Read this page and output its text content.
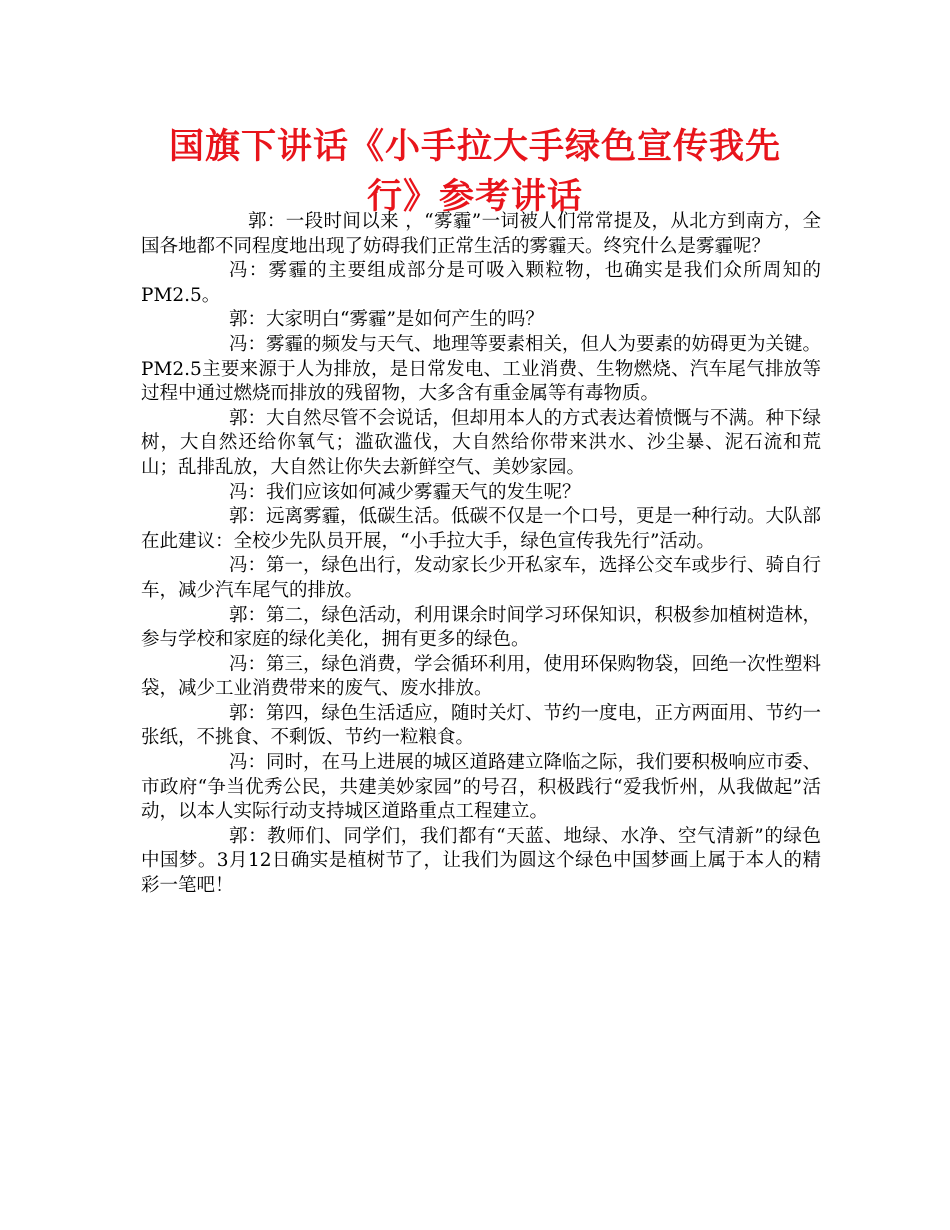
国旗下讲话《小手拉大手绿色宣传我先行》参考讲话

郭：一段时间以来 ，“雾霾”一词被人们常常提及，从北方到南方，全国各地都不同程度地出现了妨碍我们正常生活的雾霾天。终究什么是雾霾呢？

冯：雾霾的主要组成部分是可吸入颗粒物，也确实是我们众所周知的PM2.5。

郭：大家明白“雾霾”是如何产生的吗？

冯：雾霾的频发与天气、地理等要素相关，但人为要素的妨碍更为关键。PM2.5主要来源于人为排放，是日常发电、工业消费、生物燃烧、汽车尾气排放等过程中通过燃烧而排放的残留物，大多含有重金属等有毒物质。

郭：大自然尽管不会说话，但却用本人的方式表达着愤慨与不满。种下绿树，大自然还给你氧气；滥砍滥伐，大自然给你带来洪水、沙尘暴、泥石流和荒山；乱排乱放，大自然让你失去新鲜空气、美妙家园。

冯：我们应该如何减少雾霾天气的发生呢？

郭：远离雾霾，低碳生活。低碳不仅是一个口号，更是一种行动。大队部在此建议：全校少先队员开展，“小手拉大手，绿色宣传我先行”活动。

冯：第一，绿色出行，发动家长少开私家车，选择公交车或步行、骑自行车，减少汽车尾气的排放。

郭：第二，绿色活动，利用课余时间学习环保知识，积极参加植树造林，参与学校和家庭的绿化美化，拥有更多的绿色。

冯：第三，绿色消费，学会循环利用，使用环保购物袋，回绝一次性塑料袋，减少工业消费带来的废气、废水排放。

郭：第四，绿色生活适应，随时关灯、节约一度电，正方两面用、节约一张纸，不挑食、不剩饭、节约一粒粮食。

冯：同时，在马上进展的城区道路建立降临之际，我们要积极响应市委、市政府“争当优秀公民，共建美妙家园”的号召，积极践行“爱我忻州，从我做起”活动，以本人实际行动支持城区道路重点工程建立。

郭：教师们、同学们，我们都有“天蓝、地绿、水净、空气清新”的绿色中国梦。3月12日确实是植树节了，让我们为圆这个绿色中国梦画上属于本人的精彩一笔吧！
